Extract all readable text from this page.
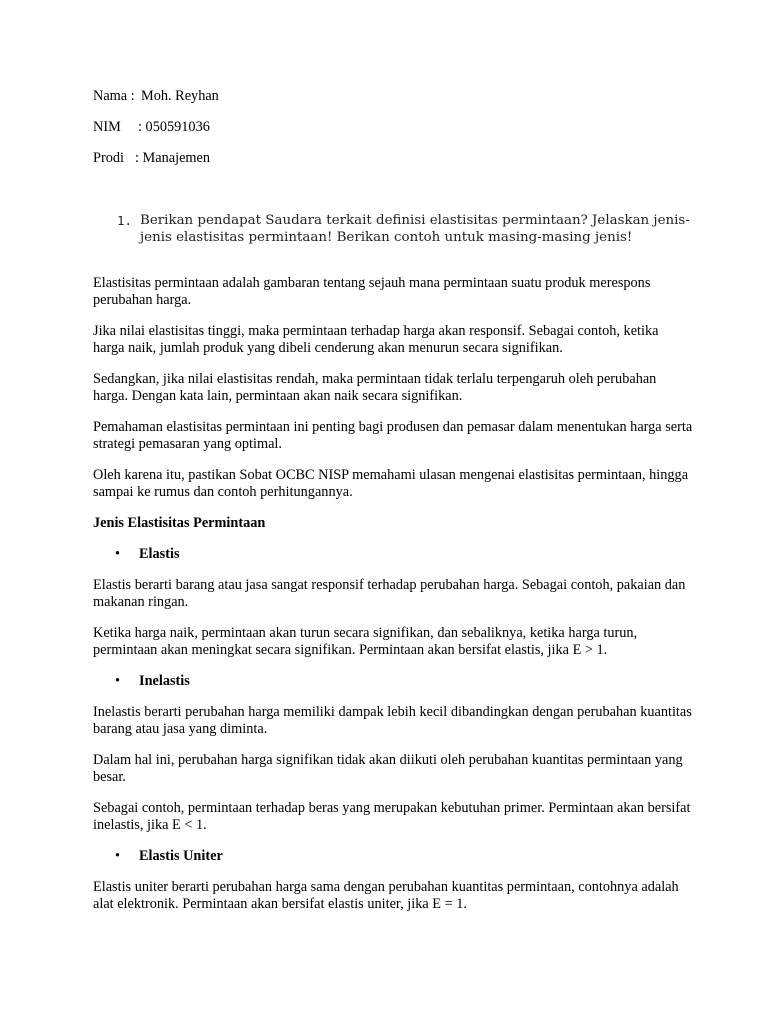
Nama : Moh. Reyhan
NIM : 050591036
Prodi : Manajemen
1. Berikan pendapat Saudara terkait definisi elastisitas permintaan? Jelaskan jenis-jenis elastisitas permintaan! Berikan contoh untuk masing-masing jenis!

Elastisitas permintaan adalah gambaran tentang sejauh mana permintaan suatu produk merespons perubahan harga.

Jika nilai elastisitas tinggi, maka permintaan terhadap harga akan responsif. Sebagai contoh, ketika harga naik, jumlah produk yang dibeli cenderung akan menurun secara signifikan.

Sedangkan, jika nilai elastisitas rendah, maka permintaan tidak terlalu terpengaruh oleh perubahan harga. Dengan kata lain, permintaan akan naik secara signifikan.

Pemahaman elastisitas permintaan ini penting bagi produsen dan pemasar dalam menentukan harga serta strategi pemasaran yang optimal.

Oleh karena itu, pastikan Sobat OCBC NISP memahami ulasan mengenai elastisitas permintaan, hingga sampai ke rumus dan contoh perhitungannya.

Jenis Elastisitas Permintaan
• Elastis

Elastis berarti barang atau jasa sangat responsif terhadap perubahan harga. Sebagai contoh, pakaian dan makanan ringan.

Ketika harga naik, permintaan akan turun secara signifikan, dan sebaliknya, ketika harga turun, permintaan akan meningkat secara signifikan. Permintaan akan bersifat elastis, jika E > 1.

• Inelastis

Inelastis berarti perubahan harga memiliki dampak lebih kecil dibandingkan dengan perubahan kuantitas barang atau jasa yang diminta.

Dalam hal ini, perubahan harga signifikan tidak akan diikuti oleh perubahan kuantitas permintaan yang besar.

Sebagai contoh, permintaan terhadap beras yang merupakan kebutuhan primer. Permintaan akan bersifat inelastis, jika E < 1.

• Elastis Uniter

Elastis uniter berarti perubahan harga sama dengan perubahan kuantitas permintaan, contohnya adalah alat elektronik. Permintaan akan bersifat elastis uniter, jika E = 1.
